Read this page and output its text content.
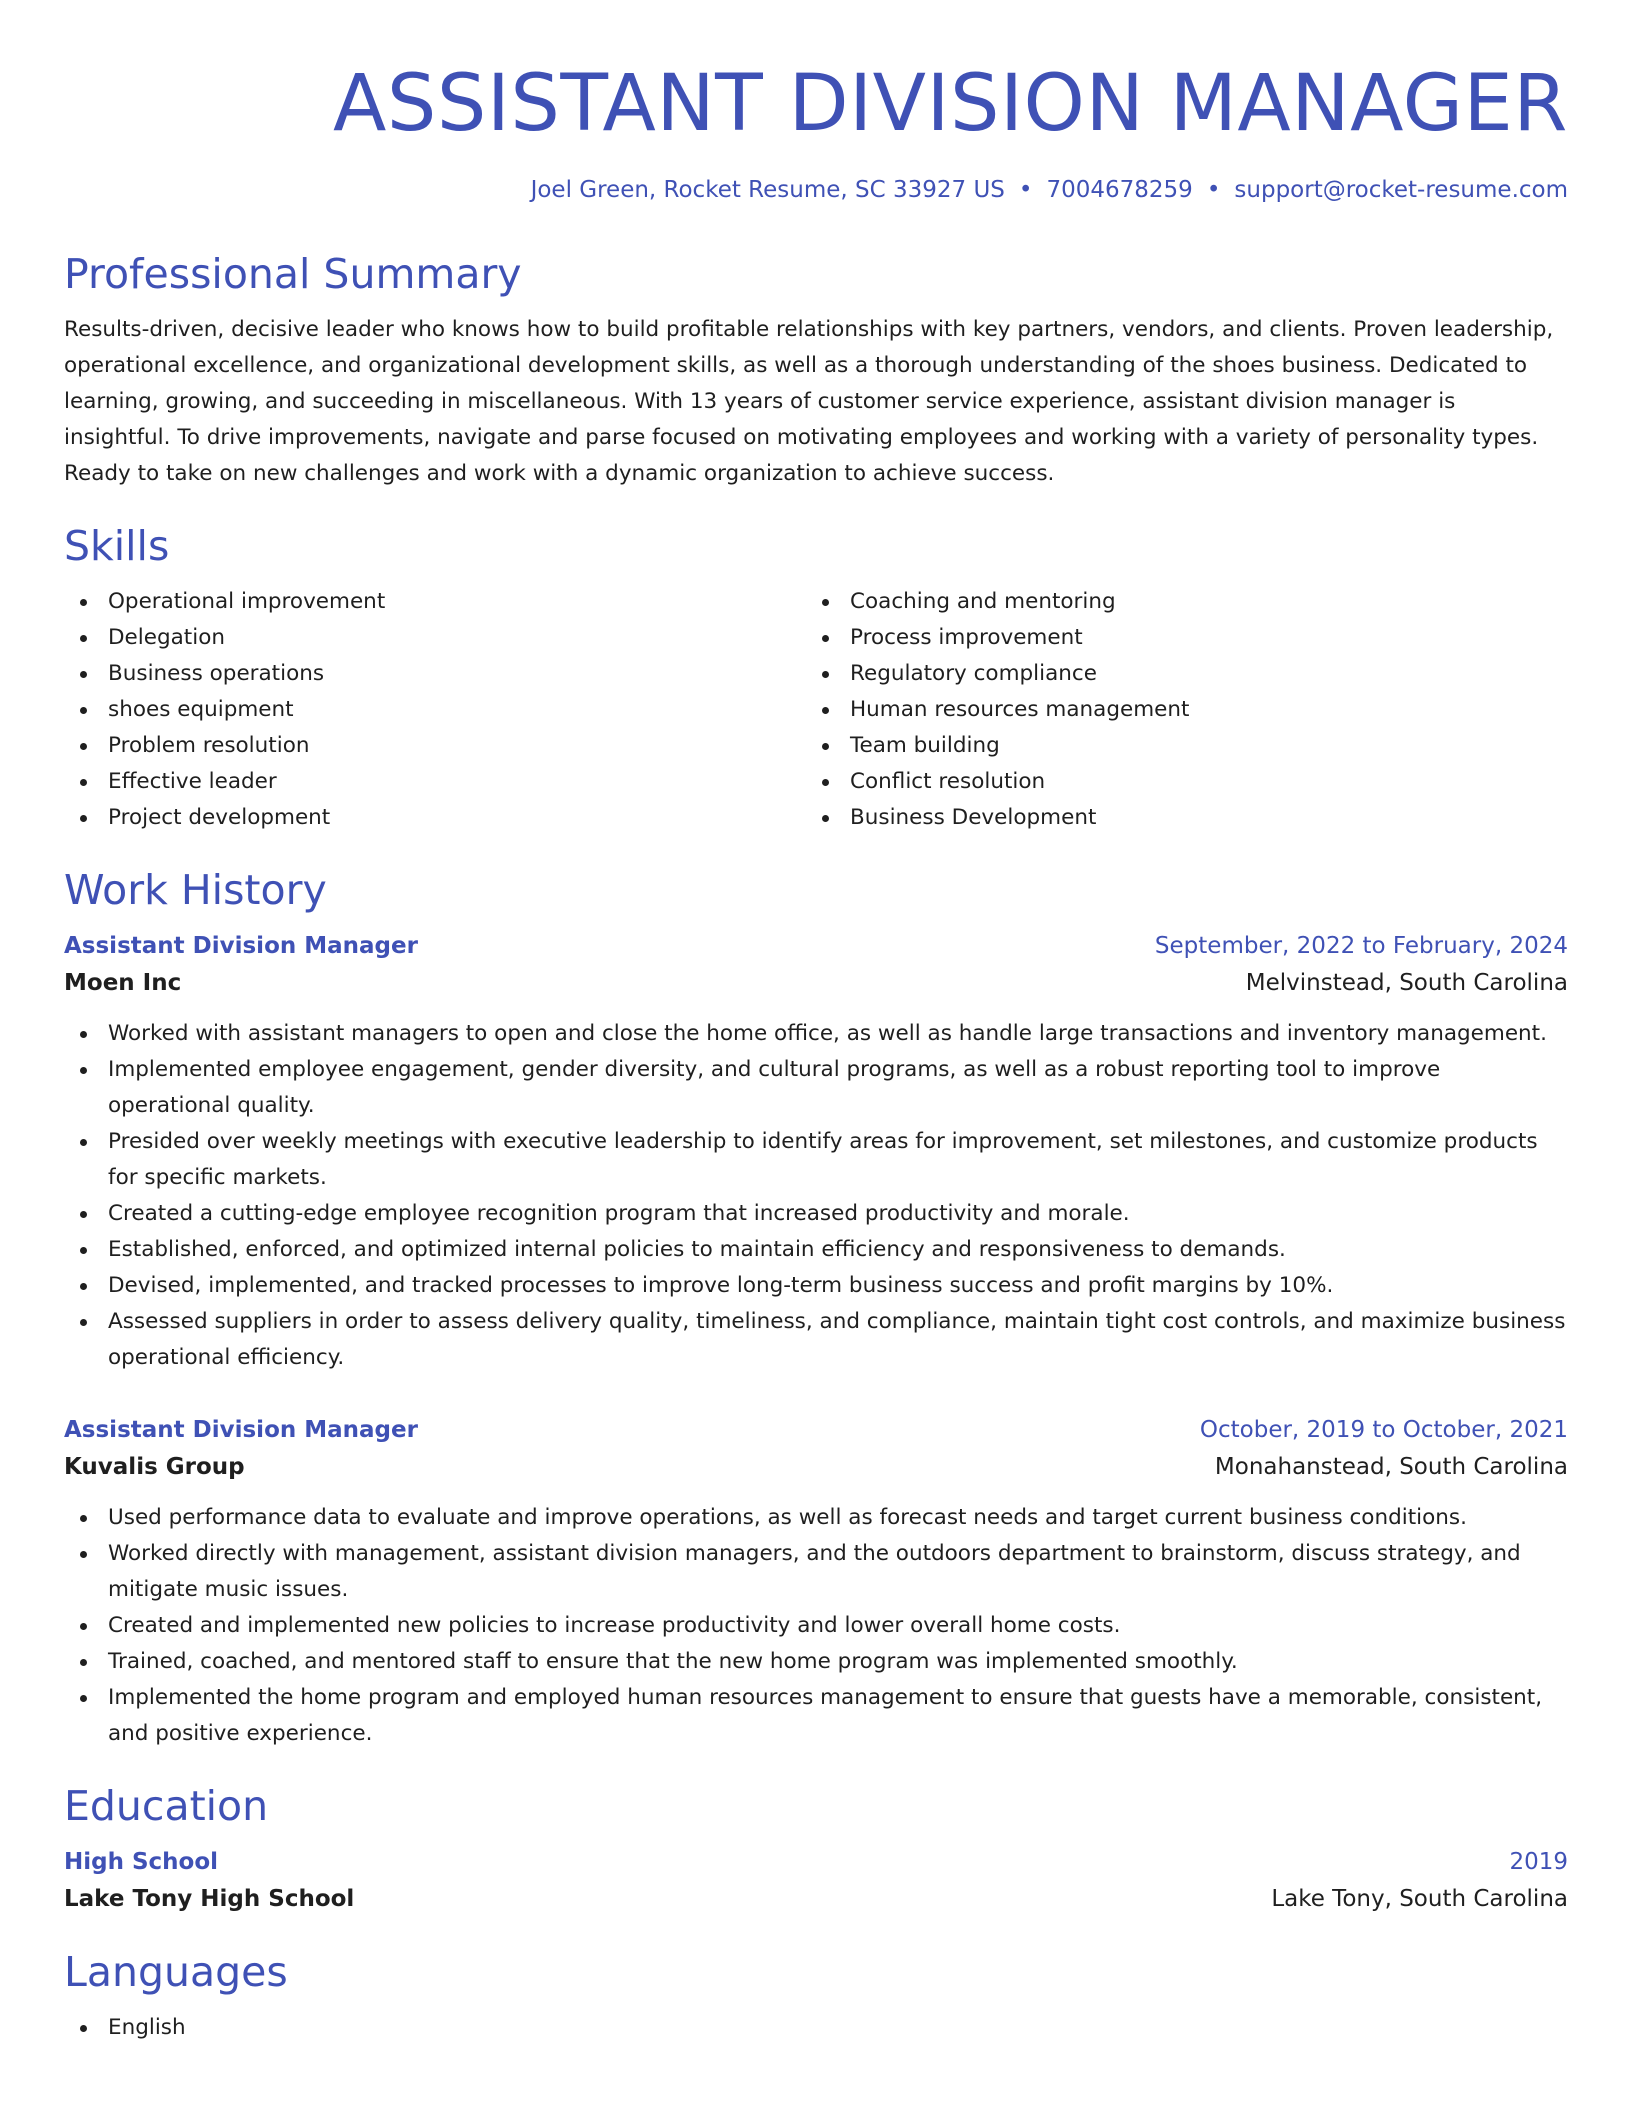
ASSISTANT DIVISION MANAGER
Joel Green, Rocket Resume, SC 33927 US • 7004678259 • support@rocket-resume.com
Professional Summary
Results-driven, decisive leader who knows how to build profitable relationships with key partners, vendors, and clients. Proven leadership, operational excellence, and organizational development skills, as well as a thorough understanding of the shoes business. Dedicated to learning, growing, and succeeding in miscellaneous. With 13 years of customer service experience, assistant division manager is insightful. To drive improvements, navigate and parse focused on motivating employees and working with a variety of personality types. Ready to take on new challenges and work with a dynamic organization to achieve success.
Skills
Operational improvement
Delegation
Business operations
shoes equipment
Problem resolution
Effective leader
Project development
Coaching and mentoring
Process improvement
Regulatory compliance
Human resources management
Team building
Conflict resolution
Business Development
Work History
Assistant Division Manager	September, 2022 to February, 2024
Moen Inc	Melvinstead, South Carolina
Worked with assistant managers to open and close the home office, as well as handle large transactions and inventory management.
Implemented employee engagement, gender diversity, and cultural programs, as well as a robust reporting tool to improve operational quality.
Presided over weekly meetings with executive leadership to identify areas for improvement, set milestones, and customize products for specific markets.
Created a cutting-edge employee recognition program that increased productivity and morale.
Established, enforced, and optimized internal policies to maintain efficiency and responsiveness to demands.
Devised, implemented, and tracked processes to improve long-term business success and profit margins by 10%.
Assessed suppliers in order to assess delivery quality, timeliness, and compliance, maintain tight cost controls, and maximize business operational efficiency.
Assistant Division Manager	October, 2019 to October, 2021
Kuvalis Group	Monahanstead, South Carolina
Used performance data to evaluate and improve operations, as well as forecast needs and target current business conditions.
Worked directly with management, assistant division managers, and the outdoors department to brainstorm, discuss strategy, and mitigate music issues.
Created and implemented new policies to increase productivity and lower overall home costs.
Trained, coached, and mentored staff to ensure that the new home program was implemented smoothly.
Implemented the home program and employed human resources management to ensure that guests have a memorable, consistent, and positive experience.
Education
High School	2019
Lake Tony High School	Lake Tony, South Carolina
Languages
English
